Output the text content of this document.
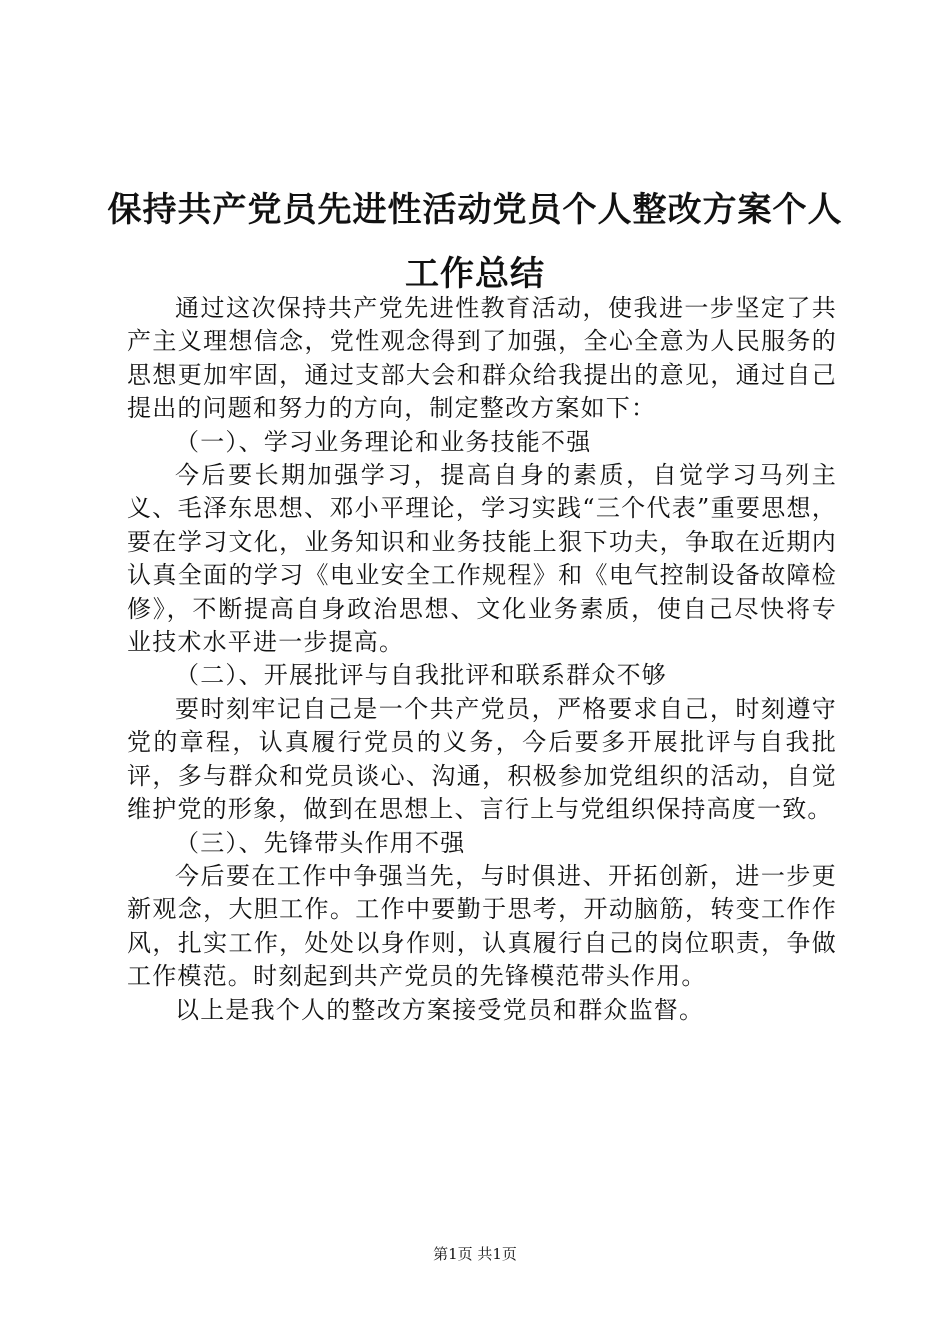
保持共产党员先进性活动党员个人整改方案个人工作总结

通过这次保持共产党先进性教育活动，使我进一步坚定了共产主义理想信念，党性观念得到了加强，全心全意为人民服务的思想更加牢固，通过支部大会和群众给我提出的意见，通过自己提出的问题和努力的方向，制定整改方案如下：

（一）、学习业务理论和业务技能不强

今后要长期加强学习，提高自身的素质，自觉学习马列主义、毛泽东思想、邓小平理论，学习实践“三个代表”重要思想，要在学习文化，业务知识和业务技能上狠下功夫，争取在近期内认真全面的学习《电业安全工作规程》和《电气控制设备故障检修》，不断提高自身政治思想、文化业务素质，使自己尽快将专业技术水平进一步提高。

（二）、开展批评与自我批评和联系群众不够

要时刻牢记自己是一个共产党员，严格要求自己，时刻遵守党的章程，认真履行党员的义务，今后要多开展批评与自我批评，多与群众和党员谈心、沟通，积极参加党组织的活动，自觉维护党的形象，做到在思想上、言行上与党组织保持高度一致。

（三）、先锋带头作用不强

今后要在工作中争强当先，与时俱进、开拓创新，进一步更新观念，大胆工作。工作中要勤于思考，开动脑筋，转变工作作风，扎实工作，处处以身作则，认真履行自己的岗位职责，争做工作模范。时刻起到共产党员的先锋模范带头作用。

以上是我个人的整改方案接受党员和群众监督。

第1页 共1页
